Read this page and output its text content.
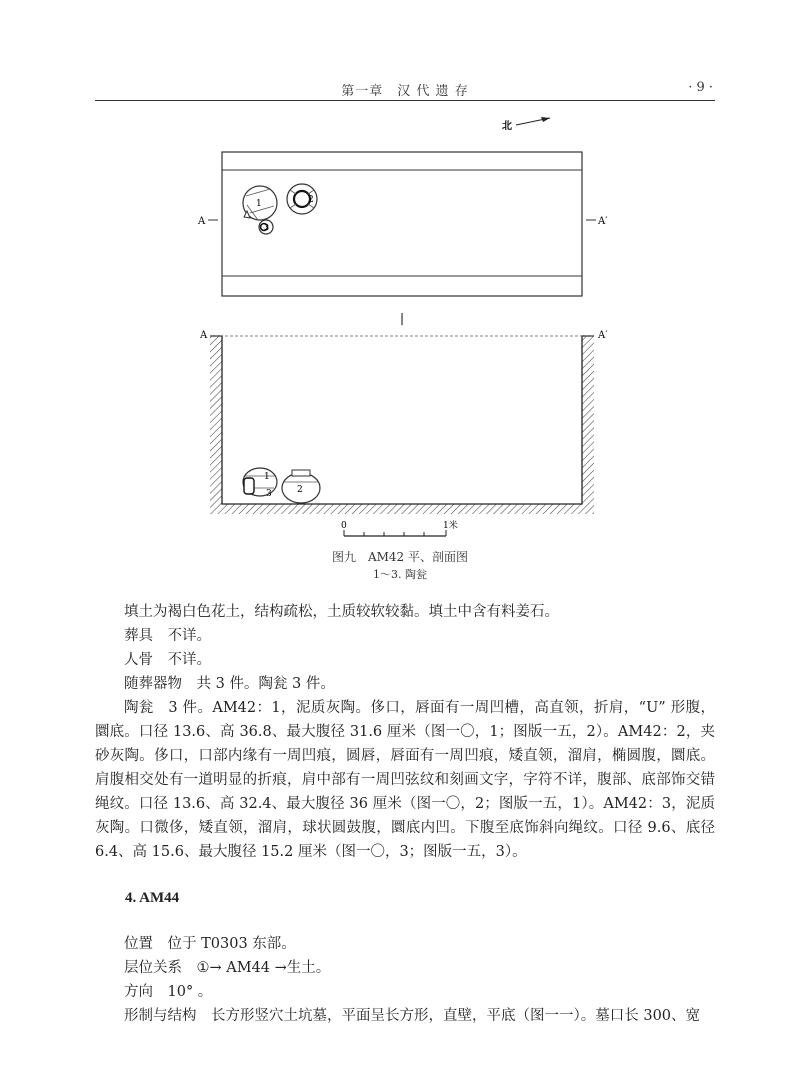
第一章　汉 代 遗 存	· 9 ·
北
A	A′
1	2
3
|
A	A′
1
3	2
0	1米
图九　AM42 平、剖面图
1～3. 陶瓮

填土为褐白色花土，结构疏松，土质较软较黏。填土中含有料姜石。

葬具 不详。

人骨 不详。

随葬器物 共 3 件。陶瓮 3 件。

陶瓮 3 件。AM42：1，泥质灰陶。侈口，唇面有一周凹槽，高直领，折肩，“U” 形腹，圜底。口径 13.6、高 36.8、最大腹径 31.6 厘米（图一〇，1；图版一五，2）。AM42：2，夹砂灰陶。侈口，口部内缘有一周凹痕，圆唇，唇面有一周凹痕，矮直领，溜肩，椭圆腹，圜底。肩腹相交处有一道明显的折痕，肩中部有一周凹弦纹和刻画文字，字符不详，腹部、底部饰交错绳纹。口径 13.6、高 32.4、最大腹径 36 厘米（图一〇，2；图版一五，1）。AM42：3，泥质灰陶。口微侈，矮直领，溜肩，球状圆鼓腹，圜底内凹。下腹至底饰斜向绳纹。口径 9.6、底径 6.4、高 15.6、最大腹径 15.2 厘米（图一〇，3；图版一五，3）。

4. AM44

位置 位于 T0303 东部。

层位关系 ①→ AM44 →生土。

方向 10° 。

形制与结构 长方形竖穴土坑墓，平面呈长方形，直壁，平底（图一一）。墓口长 300、宽
